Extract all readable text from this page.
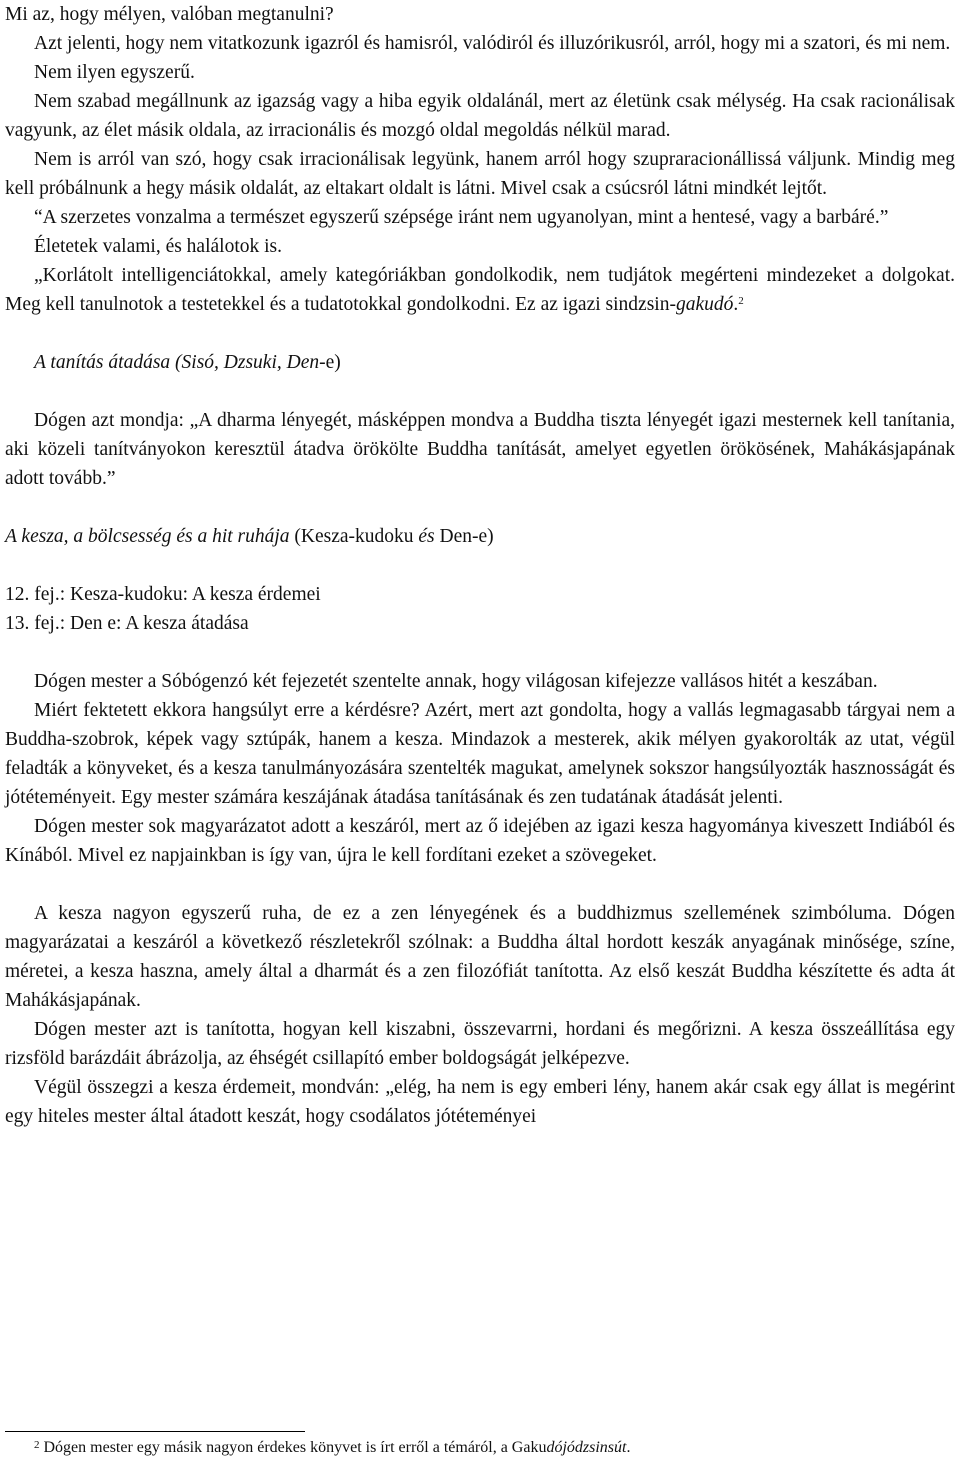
Mi az, hogy mélyen, valóban megtanulni?

Azt jelenti, hogy nem vitatkozunk igazról és hamisról, valódiról és illuzórikusról, arról, hogy mi a szatori, és mi nem.

Nem ilyen egyszerű.

Nem szabad megállnunk az igazság vagy a hiba egyik oldalánál, mert az életünk csak mélység. Ha csak racionálisak vagyunk, az élet másik oldala, az irracionális és mozgó oldal megoldás nélkül marad.

Nem is arról van szó, hogy csak irracionálisak legyünk, hanem arról hogy szupraracionállissá váljunk. Mindig meg kell próbálnunk a hegy másik oldalát, az eltakart oldalt is látni. Mivel csak a csúcsról látni mindkét lejtőt.

“A szerzetes vonzalma a természet egyszerű szépsége iránt nem ugyanolyan, mint a hentesé, vagy a barbáré.”

Életetek valami, és halálotok is.

„Korlátolt intelligenciátokkal, amely kategóriákban gondolkodik, nem tudjátok megérteni mindezeket a dolgokat. Meg kell tanulnotok a testetekkel és a tudatotokkal gondolkodni. Ez az igazi sindzsin-gakudó.$^2$

A tanítás átadása (Sisó, Dzsuki, Den-e)

Dógen azt mondja: „A dharma lényegét, másképpen mondva a Buddha tiszta lényegét igazi mesternek kell tanítania, aki közeli tanítványokon keresztül átadva örökölte Buddha tanítását, amelyet egyetlen örökösének, Mahákásjapának adott tovább.”

A kesza, a bölcsesség és a hit ruhája (Kesza-kudoku és Den-e)

12. fej.: Kesza-kudoku: A kesza érdemei

13. fej.: Den e: A kesza átadása

Dógen mester a Sóbógenzó két fejezetét szentelte annak, hogy világosan kifejezze vallásos hitét a keszában.

Miért fektetett ekkora hangsúlyt erre a kérdésre? Azért, mert azt gondolta, hogy a vallás legmagasabb tárgyai nem a Buddha-szobrok, képek vagy sztúpák, hanem a kesza. Mindazok a mesterek, akik mélyen gyakorolták az utat, végül feladták a könyveket, és a kesza tanulmányozására szentelték magukat, amelynek sokszor hangsúlyozták hasznosságát és jótéteményeit. Egy mester számára keszájának átadása tanításának és zen tudatának átadását jelenti.

Dógen mester sok magyarázatot adott a keszáról, mert az ő idejében az igazi kesza hagyománya kiveszett Indiából és Kínából. Mivel ez napjainkban is így van, újra le kell fordítani ezeket a szövegeket.

A kesza nagyon egyszerű ruha, de ez a zen lényegének és a buddhizmus szellemének szimbóluma. Dógen magyarázatai a keszáról a következő részletekről szólnak: a Buddha által hordott keszák anyagának minősége, színe, méretei, a kesza haszna, amely által a dharmát és a zen filozófiát tanította. Az első keszát Buddha készítette és adta át Mahákásjapának.

Dógen mester azt is tanította, hogyan kell kiszabni, összevarrni, hordani és megőrizni. A kesza összeállítása egy rizsföld barázdáit ábrázolja, az éhségét csillapító ember boldogságát jelképezve.

Végül összegzi a kesza érdemeit, mondván: „elég, ha nem is egy emberi lény, hanem akár csak egy állat is megérint egy hiteles mester által átadott keszát, hogy csodálatos jótéteményei

$^2$ Dógen mester egy másik nagyon érdekes könyvet is írt erről a témáról, a Gakudójódzsinsút.
